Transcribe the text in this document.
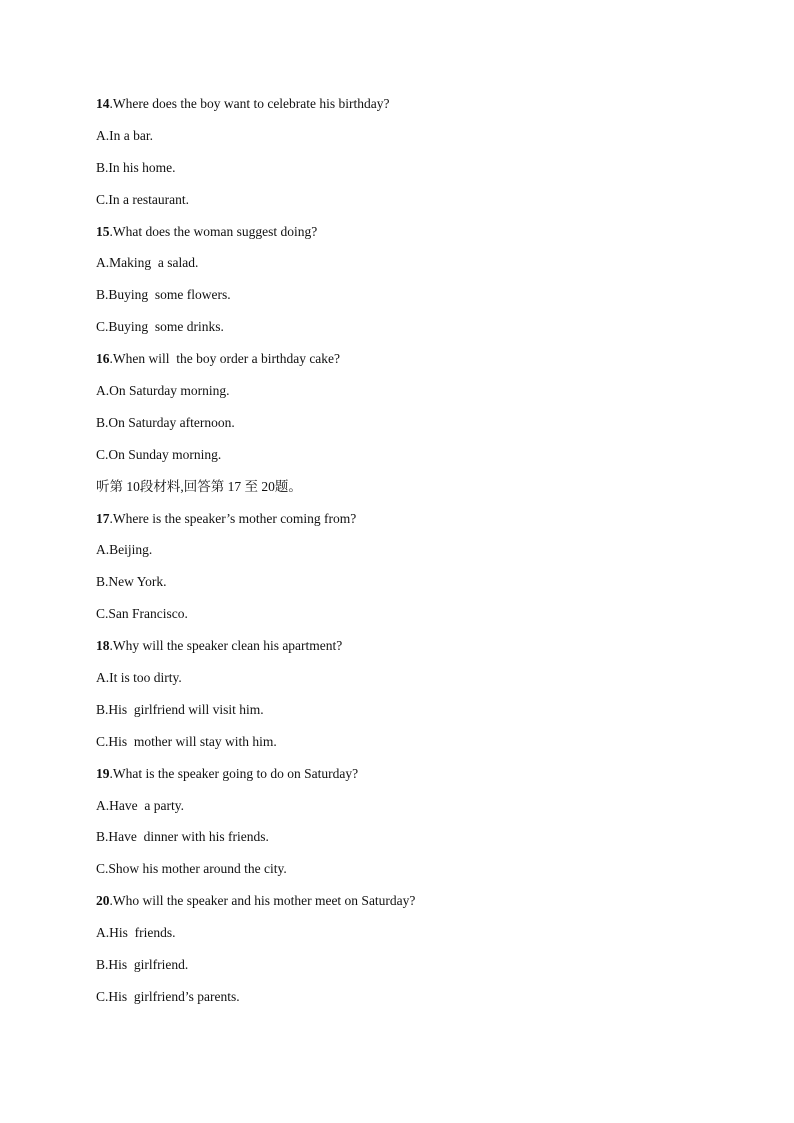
14.Where does the boy want to celebrate his birthday?
A.In a bar.
B.In his home.
C.In a restaurant.
15.What does the woman suggest doing?
A.Making  a salad.
B.Buying  some flowers.
C.Buying  some drinks.
16.When will  the boy order a birthday cake?
A.On Saturday morning.
B.On Saturday afternoon.
C.On Sunday morning.
听第 10段材料,回答第 17 至 20题。
17.Where is the speaker’s mother coming from?
A.Beijing.
B.New York.
C.San Francisco.
18.Why will the speaker clean his apartment?
A.It is too dirty.
B.His  girlfriend will visit him.
C.His  mother will stay with him.
19.What is the speaker going to do on Saturday?
A.Have  a party.
B.Have  dinner with his friends.
C.Show his mother around the city.
20.Who will the speaker and his mother meet on Saturday?
A.His  friends.
B.His  girlfriend.
C.His  girlfriend’s parents.
